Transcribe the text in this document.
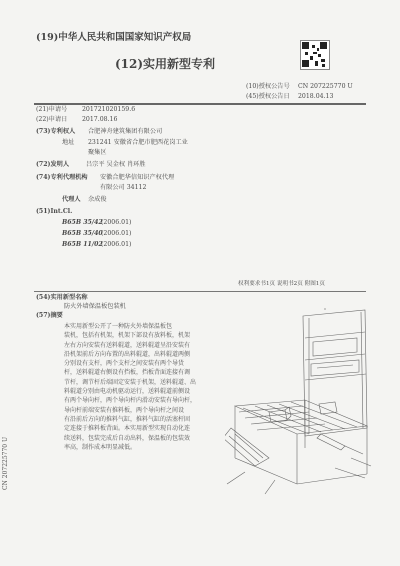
(19)中华人民共和国国家知识产权局
(12)实用新型专利
(10)授权公告号 CN 207225770 U
(45)授权公告日 2018.04.13
(21)申请号 201721020159.6
(22)申请日 2017.08.16
(73)专利权人 合肥神舟建筑集团有限公司
地址 231241 安徽省合肥市肥西花岗工业
聚集区
(72)发明人	吕宗平 吴金权 肖环胜
(74)专利代理机构 安徽合肥华信知识产权代理
有限公司 34112
代理人 余成俊
(51)Int.Cl.
B65B 35/42
(2006.01)
B65B 35/40
(2006.01)
B65B 11/02
(2006.01)
权利要求书1页 说明书2页 附图1页
(54)实用新型名称
防火外墙保温板包装机
(57)摘要
本实用新型公开了一种防火外墙保温板包
装机，包括有机架，机架下部设有放料板，机架
左右方向安装有送料辊道，送料辊道呈沿安装有
沿机架前后方向布置的出料辊道，出料辊道两侧
分别设有支杆，两个支杆之间安装有两个导货
杆，送料辊道右侧设有挡板，挡板背面连接有调
节杆，调节杆后端固定安装于机架，送料辊道、出
料辊道分别由电动机驱动运行，送料辊道前侧设
有两个导向杆，两个导向杆内滑动安装有导向杆，
导向杆前端安装有推料板，两个导向杆之间设
有沿前后方向的推料气缸，推料气缸的活塞杆固
定连接于推料板背面。本实用新型实现自动化连
续送料，包装完成后自动出料，保温板的包装效
率高，制作成本明显减低。
CN 207225770 U
